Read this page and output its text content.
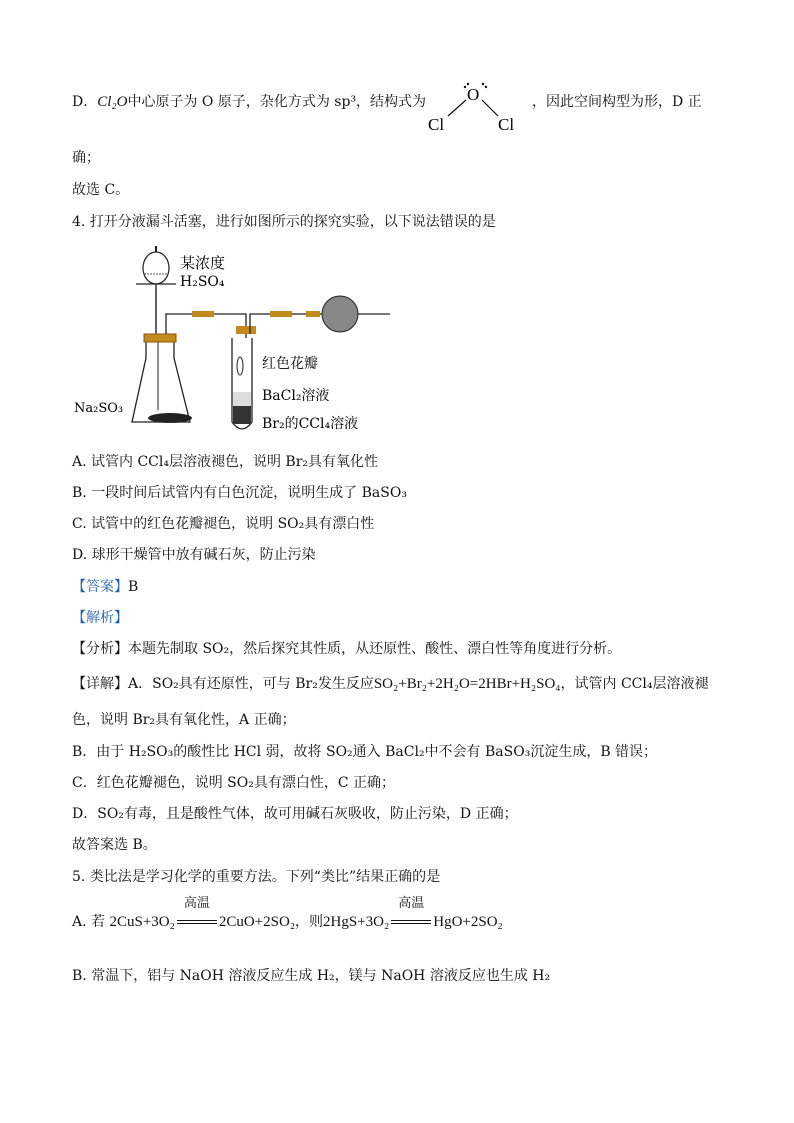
D．Cl₂O中心原子为 O 原子，杂化方式为 sp³，结构式为 O
Cl	Cl
，因此空间构型为形，D 正
确；
故选 C。
4. 打开分液漏斗活塞，进行如图所示的探究实验，以下说法错误的是
某浓度
H₂SO₄
Na₂SO₃
红色花瓣
BaCl₂溶液
Br₂的CCl₄溶液
A. 试管内 CCl₄层溶液褪色，说明 Br₂具有氧化性
B. 一段时间后试管内有白色沉淀，说明生成了 BaSO₃
C. 试管中的红色花瓣褪色，说明 SO₂具有漂白性
D. 球形干燥管中放有碱石灰，防止污染
【答案】B
【解析】
【分析】本题先制取 SO₂，然后探究其性质，从还原性、酸性、漂白性等角度进行分析。
【详解】A．SO₂具有还原性，可与 Br₂发生反应SO₂+Br₂+2H₂O=2HBr+H₂SO₄，试管内 CCl₄层溶液褪
色，说明 Br₂具有氧化性，A 正确；
B．由于 H₂SO₃的酸性比 HCl 弱，故将 SO₂通入 BaCl₂中不会有 BaSO₃沉淀生成，B 错误；
C．红色花瓣褪色，说明 SO₂具有漂白性，C 正确；
D．SO₂有毒，且是酸性气体，故可用碱石灰吸收，防止污染，D 正确；
故答案选 B。
5. 类比法是学习化学的重要方法。下列“类比”结果正确的是
A. 若 2CuS+3O₂
高温
2CuO+2SO₂，则2HgS+3O₂
高温
HgO+2SO₂
B. 常温下，铝与 NaOH 溶液反应生成 H₂，镁与 NaOH 溶液反应也生成 H₂
